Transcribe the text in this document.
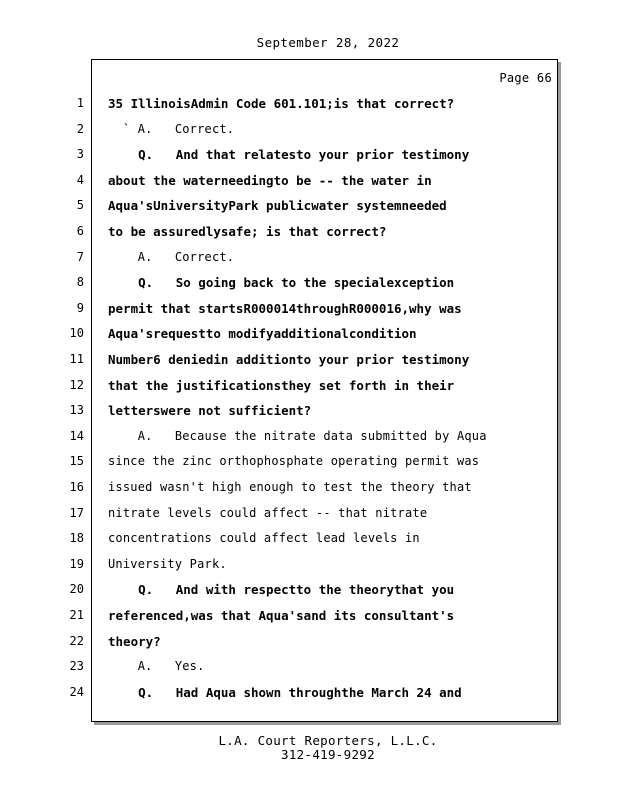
September 28, 2022
Page 66
1 35 IllinoisAdmin Code 601.101;is that correct?
2 ` A.   Correct.
3 Q.   And that relatesto your prior testimony
4 about the waterneedingto be -- the water in
5 Aqua'sUniversityPark publicwater systemneeded
6 to be assuredlysafe; is that correct?
7 A.   Correct.
8 Q.   So going back to the specialexception
9 permit that startsR000014throughR000016,why was
10 Aqua'srequestto modifyadditionalcondition
11 Number6 deniedin additionto your prior testimony
12 that the justificationsthey set forth in their
13 letterswere not sufficient?
14 A.   Because the nitrate data submitted by Aqua
15 since the zinc orthophosphate operating permit was
16 issued wasn't high enough to test the theory that
17 nitrate levels could affect -- that nitrate
18 concentrations could affect lead levels in
19 University Park.
20 Q.   And with respectto the theorythat you
21 referenced,was that Aqua'sand its consultant's
22 theory?
23 A.   Yes.
24 Q.   Had Aqua shown throughthe March 24 and
L.A. Court Reporters, L.L.C.
312-419-9292
